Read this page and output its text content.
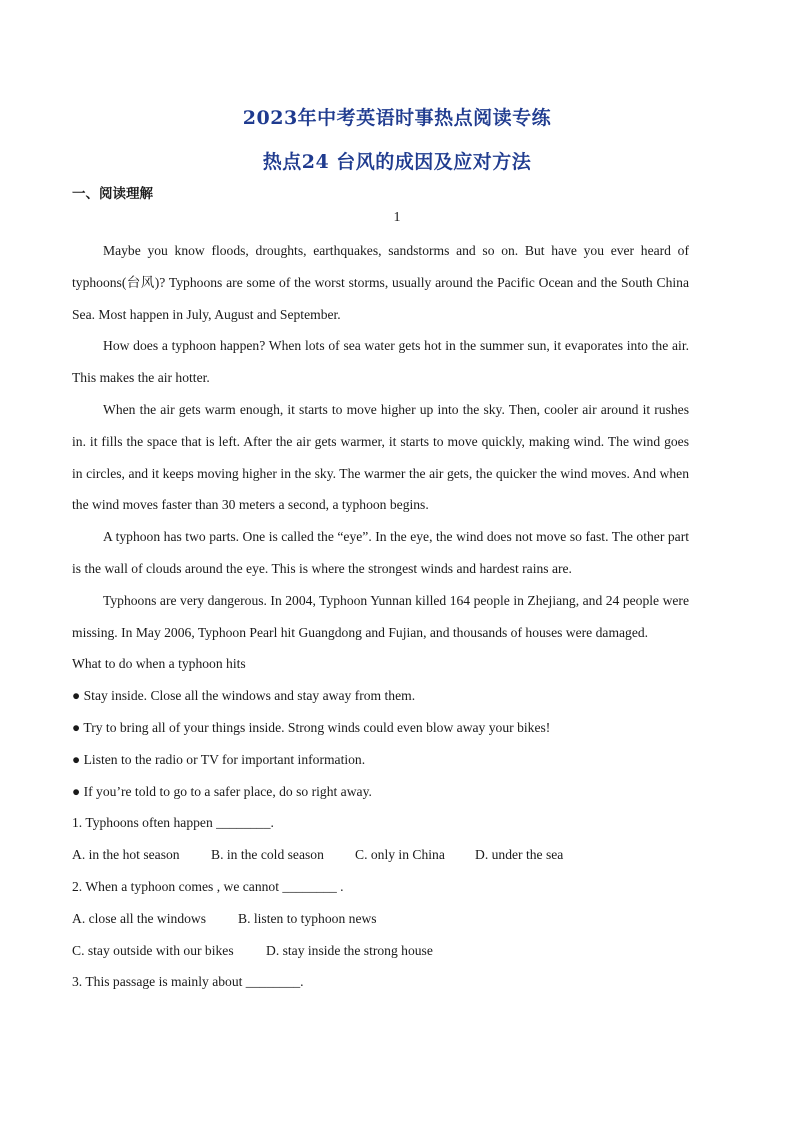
2023年中考英语时事热点阅读专练
热点24 台风的成因及应对方法
一、阅读理解
1

Maybe you know floods, droughts, earthquakes, sandstorms and so on. But have you ever heard of typhoons(台风)? Typhoons are some of the worst storms, usually around the Pacific Ocean and the South China Sea. Most happen in July, August and September.

How does a typhoon happen? When lots of sea water gets hot in the summer sun, it evaporates into the air. This makes the air hotter.

When the air gets warm enough, it starts to move higher up into the sky. Then, cooler air around it rushes in. it fills the space that is left. After the air gets warmer, it starts to move quickly, making wind. The wind goes in circles, and it keeps moving higher in the sky. The warmer the air gets, the quicker the wind moves. And when the wind moves faster than 30 meters a second, a typhoon begins.

A typhoon has two parts. One is called the “eye”. In the eye, the wind does not move so fast. The other part is the wall of clouds around the eye. This is where the strongest winds and hardest rains are.

Typhoons are very dangerous. In 2004, Typhoon Yunnan killed 164 people in Zhejiang, and 24 people were missing. In May 2006, Typhoon Pearl hit Guangdong and Fujian, and thousands of houses were damaged.

What to do when a typhoon hits

● Stay inside. Close all the windows and stay away from them.

● Try to bring all of your things inside. Strong winds could even blow away your bikes!

● Listen to the radio or TV for important information.

● If you’re told to go to a safer place, do so right away.

1. Typhoons often happen ________.

A. in the hot season	B. in the cold season	C. only in China	D. under the sea

2. When a typhoon comes , we cannot ________ .

A. close all the windows	B. listen to typhoon news
C. stay outside with our bikes	D. stay inside the strong house

3. This passage is mainly about ________.
